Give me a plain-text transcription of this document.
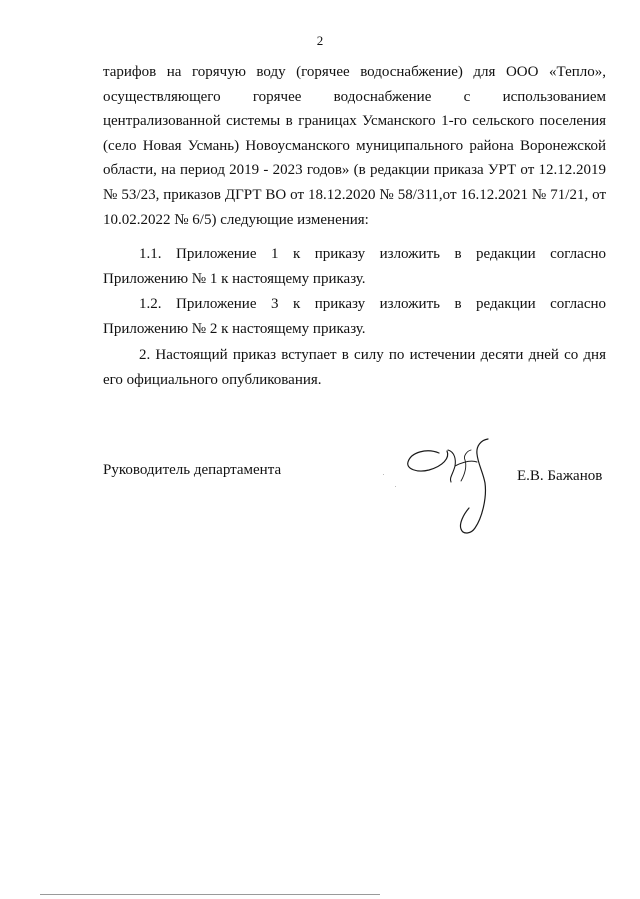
2
тарифов на горячую воду (горячее водоснабжение) для ООО «Тепло»,
осуществляющего горячее водоснабжение с использованием
централизованной системы в границах Усманского 1-го сельского поселения
(село Новая Усмань) Новоусманского муниципального района Воронежской
области, на период 2019 - 2023 годов» (в редакции приказа УРТ от 12.12.2019
№ 53/23, приказов ДГРТ ВО от 18.12.2020 № 58/311,от 16.12.2021 № 71/21, от
10.02.2022 № 6/5) следующие изменения:
1.1. Приложение 1 к приказу изложить в редакции согласно
Приложению № 1 к настоящему приказу.
1.2. Приложение 3 к приказу изложить в редакции согласно
Приложению № 2 к настоящему приказу.
2. Настоящий приказ вступает в силу по истечении десяти дней со дня
его официального опубликования.
Руководитель департамента	Е.В. Бажанов
